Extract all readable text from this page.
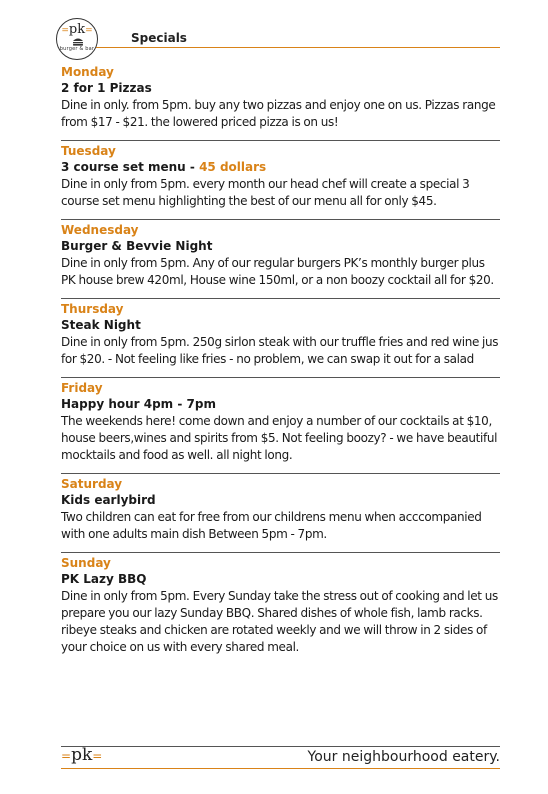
=pk=
burger & bar
Specials
Monday
2 for 1 Pizzas
Dine in only. from 5pm. buy any two pizzas and enjoy one on us. Pizzas range from $17 - $21. the lowered priced pizza is on us!
Tuesday
3 course set menu - 45 dollars
Dine in only from 5pm. every month our head chef will create a special 3 course set menu highlighting the best of our menu all for only $45.
Wednesday
Burger & Bevvie Night
Dine in only from 5pm. Any of our regular burgers PK’s monthly burger plus PK house brew 420ml, House wine 150ml, or a non boozy cocktail all for $20.
Thursday
Steak Night
Dine in only from 5pm. 250g sirlon steak with our truffle fries and red wine jus for $20. - Not feeling like fries - no problem, we can swap it out for a salad
Friday
Happy hour 4pm - 7pm
The weekends here! come down and enjoy a number of our cocktails at $10, house beers,wines and spirits from $5. Not feeling boozy? - we have beautiful mocktails and food as well. all night long.
Saturday
Kids earlybird
Two children can eat for free from our childrens menu when acccompanied with one adults main dish Between 5pm - 7pm.
Sunday
PK Lazy BBQ
Dine in only from 5pm. Every Sunday take the stress out of cooking and let us prepare you our lazy Sunday BBQ. Shared dishes of whole fish, lamb racks. ribeye steaks and chicken are rotated weekly and we will throw in 2 sides of your choice on us with every shared meal.
=pk=	Your neighbourhood eatery.
